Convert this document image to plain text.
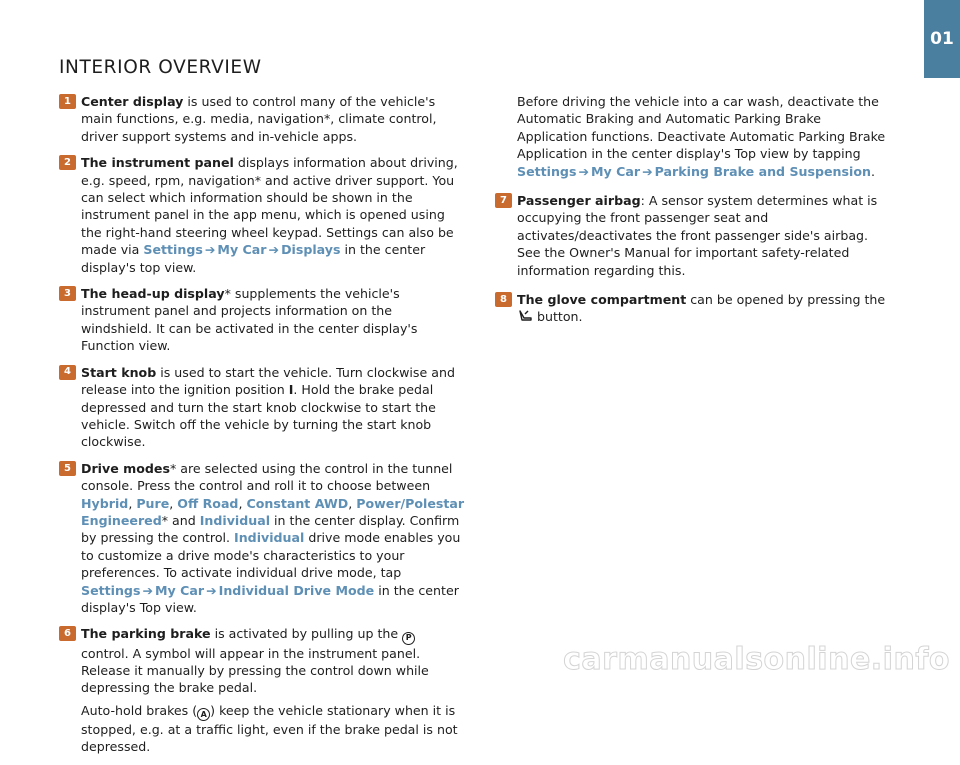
01
INTERIOR OVERVIEW
1 Center display is used to control many of the vehicle's main functions, e.g. media, navigation*, climate control, driver support systems and in-vehicle apps.

2 The instrument panel displays information about driving, e.g. speed, rpm, navigation* and active driver support. You can select which information should be shown in the instrument panel in the app menu, which is opened using the right-hand steering wheel keypad. Settings can also be made via Settings ➔ My Car ➔ Displays in the center display's top view.

3 The head-up display* supplements the vehicle's instrument panel and projects information on the windshield. It can be activated in the center display's Function view.

4 Start knob is used to start the vehicle. Turn clockwise and release into the ignition position I. Hold the brake pedal depressed and turn the start knob clockwise to start the vehicle. Switch off the vehicle by turning the start knob clockwise.

5 Drive modes* are selected using the control in the tunnel console. Press the control and roll it to choose between Hybrid, Pure, Off Road, Constant AWD, Power/Polestar Engineered* and Individual in the center display. Confirm by pressing the control. Individual drive mode enables you to customize a drive mode's characteristics to your preferences. To activate individual drive mode, tap Settings ➔ My Car ➔ Individual Drive Mode in the center display's Top view.

6 The parking brake is activated by pulling up the P control. A symbol will appear in the instrument panel. Release it manually by pressing the control down while depressing the brake pedal.

Auto-hold brakes ( A ) keep the vehicle stationary when it is stopped, e.g. at a traffic light, even if the brake pedal is not depressed.

Before driving the vehicle into a car wash, deactivate the Automatic Braking and Automatic Parking Brake Application functions. Deactivate Automatic Parking Brake Application in the center display's Top view by tapping Settings ➔ My Car ➔ Parking Brake and Suspension.

7 Passenger airbag: A sensor system determines what is occupying the front passenger seat and activates/deactivates the front passenger side's airbag. See the Owner's Manual for important safety-related information regarding this.

8 The glove compartment can be opened by pressing the  button.

carmanualsonline.info
